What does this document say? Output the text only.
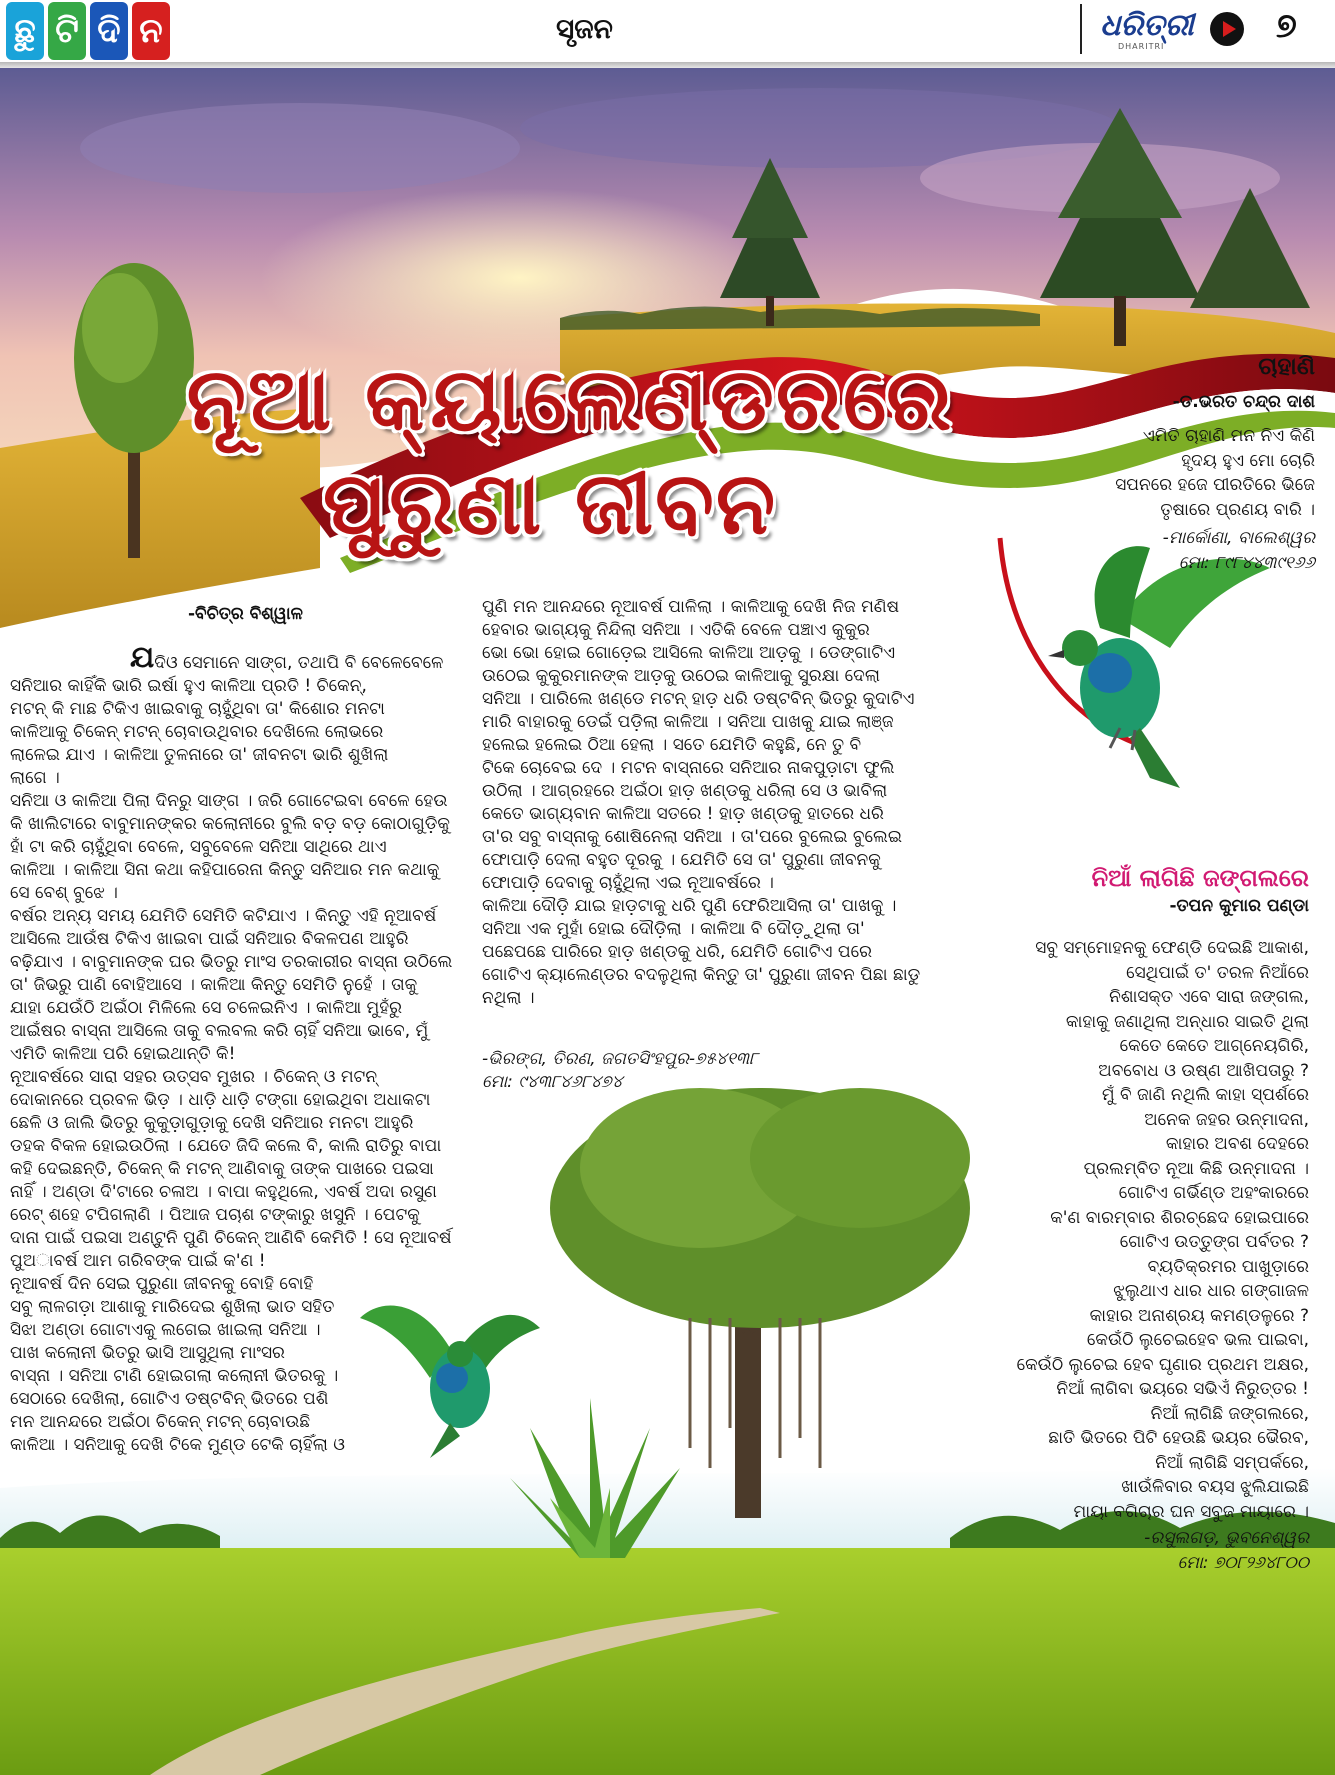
ଛୁ ଟି ଦି ନ	ସୃଜନ	ଧରିତ୍ରୀ
DHARITRI
୭
ନୂଆ କ୍ୟାଲେଣ୍ଡରରେ
ପୁରୁଣା ଜୀବନ
-ବିଚିତ୍ର ବିଶ୍ୱାଳ
ଯ ଦିଓ ସେମାନେ ସାଙ୍ଗ, ତଥାପି ବି ବେଳେବେଳେ
ସନିଆର କାହିଁକି ଭାରି ଇର୍ଷା ହୁଏ କାଳିଆ ପ୍ରତି ! ଚିକେନ୍,
ମଟନ୍ କି ମାଛ ଟିକିଏ ଖାଇବାକୁ ଚାହୁଁଥିବା ତା' କିଶୋର ମନଟା
କାଳିଆକୁ ଚିକେନ୍ ମଟନ୍ ଚୋବାଉଥିବାର ଦେଖିଲେ ଲୋଭରେ
ଲାଳେଇ ଯାଏ । କାଳିଆ ତୁଳନାରେ ତା' ଜୀବନଟା ଭାରି ଶୁଖିଲା
ଲାଗେ ।
ସନିଆ ଓ କାଳିଆ ପିଲା ଦିନରୁ ସାଙ୍ଗ । ଜରି ଗୋଟେଇବା ବେଳେ ହେଉ
କି ଖାଲିଟାରେ ବାବୁମାନଙ୍କର କଲୋନୀରେ ବୁଲି ବଡ଼ ବଡ଼ କୋଠାଗୁଡ଼ିକୁ
ହାଁ ଟା କରି ଚାହୁଁଥିବା ବେଳେ, ସବୁବେଳେ ସନିଆ ସାଥିରେ ଥାଏ
କାଳିଆ । କାଳିଆ ସିନା କଥା କହିପାରେନା କିନ୍ତୁ ସନିଆର ମନ କଥାକୁ
ସେ ବେଶ୍ ବୁଝେ ।
ବର୍ଷର ଅନ୍ୟ ସମୟ ଯେମିତି ସେମିତି କଟିଯାଏ । କିନ୍ତୁ ଏହି ନୂଆବର୍ଷ
ଆସିଲେ ଆଉଁଷ ଟିକିଏ ଖାଇବା ପାଇଁ ସନିଆର ବିକଳପଣ ଆହୁରି
ବଢ଼ିଯାଏ । ବାବୁମାନଙ୍କ ଘର ଭିତରୁ ମାଂସ ତରକାରୀର ବାସ୍ନା ଉଠିଲେ
ତା' ଜିଭରୁ ପାଣି ବୋହିଆସେ । କାଳିଆ କିନ୍ତୁ ସେମିତି ନୁହେଁ । ତାକୁ
ଯାହା ଯେଉଁଠି ଅଇଁଠା ମିଳିଲେ ସେ ଚଳେଇନିଏ । କାଳିଆ ମୁହଁରୁ
ଆଇଁଷର ବାସ୍ନା ଆସିଲେ ତାକୁ ବଲବଲ କରି ଚାହିଁ ସନିଆ ଭାବେ, ମୁଁ
ଏମିତି କାଳିଆ ପରି ହୋଇଥାନ୍ତି କି!
ନୂଆବର୍ଷରେ ସାରା ସହର ଉତ୍ସବ ମୁଖର । ଚିକେନ୍ ଓ ମଟନ୍
ଦୋକାନରେ ପ୍ରବଳ ଭିଡ଼ । ଧାଡ଼ି ଧାଡ଼ି ଟଙ୍ଗା ହୋଇଥିବା ଅଧାକଟା
ଛେଳି ଓ ଜାଲି ଭିତରୁ କୁକୁଡ଼ାଗୁଡ଼ାକୁ ଦେଖି ସନିଆର ମନଟା ଆହୁରି
ଡହକ ବିକଳ ହୋଇଉଠିଲା । ଯେତେ ଜିଦି କଲେ ବି, କାଲି ରାତିରୁ ବାପା
କହି ଦେଇଛନ୍ତି, ଚିକେନ୍ କି ମଟନ୍ ଆଣିବାକୁ ତାଙ୍କ ପାଖରେ ପଇସା
ନାହିଁ । ଅଣ୍ଡା ଦି'ଟାରେ ଚଳାଅ । ବାପା କହୁଥିଲେ, ଏବର୍ଷ ଅଦା ରସୁଣ
ରେଟ୍ ଶହେ ଟପିଗଲାଣି । ପିଆଜ ପଚାଶ ଟଙ୍କାରୁ ଖସୁନି । ପେଟକୁ
ଦାନା ପାଇଁ ପଇସା ଅଣ୍ଟୁନି ପୁଣି ଚିକେନ୍ ଆଣିବି କେମିତି ! ସେ ନୂଆବର୍ଷ
ପୁଅାବର୍ଷ ଆମ ଗରିବଙ୍କ ପାଇଁ କ'ଣ !
ନୂଆବର୍ଷ ଦିନ ସେଇ ପୁରୁଣା ଜୀବନକୁ ବୋହି ବୋହି
ସବୁ ଲାଳଗଡ଼ା ଆଶାକୁ ମାରିଦେଇ ଶୁଖିଲା ଭାତ ସହିତ
ସିଝା ଅଣ୍ଡା ଗୋଟାଏକୁ ଲଗେଇ ଖାଇଲା ସନିଆ ।
ପାଖ କଲୋନୀ ଭିତରୁ ଭାସି ଆସୁଥିଲା ମାଂସର
ବାସ୍ନା । ସନିଆ ଟାଣି ହୋଇଗଲା କଲୋନୀ ଭିତରକୁ ।
ସେଠାରେ ଦେଖିଲା, ଗୋଟିଏ ଡଷ୍ଟବିନ୍ ଭିତରେ ପଶି
ମନ ଆନନ୍ଦରେ ଅଇଁଠା ଚିକେନ୍ ମଟନ୍ ଚୋବାଉଛି
କାଳିଆ । ସନିଆକୁ ଦେଖି ଟିକେ ମୁଣ୍ଡ ଟେକି ଚାହିଁଲା ଓ
ପୁଣି ମନ ଆନନ୍ଦରେ ନୂଆବର୍ଷ ପାଳିଲା । କାଳିଆକୁ ଦେଖି ନିଜ ମଣିଷ
ହେବାର ଭାଗ୍ୟକୁ ନିନ୍ଦିଲା ସନିଆ । ଏତିକି ବେଳେ ପଞ୍ଚାଏ କୁକୁର
ଭୋ ଭୋ ହୋଇ ଗୋଡ଼େଇ ଆସିଲେ କାଳିଆ ଆଡ଼କୁ । ଡେଙ୍ଗାଟିଏ
ଉଠେଇ କୁକୁରମାନଙ୍କ ଆଡ଼କୁ ଉଠେଇ କାଳିଆକୁ ସୁରକ୍ଷା ଦେଲା
ସନିଆ । ପାରିଲେ ଖଣ୍ଡେ ମଟନ୍ ହାଡ଼ ଧରି ଡଷ୍ଟବିନ୍ ଭିତରୁ କୁଦାଟିଏ
ମାରି ବାହାରକୁ ଡେଇଁ ପଡ଼ିଲା କାଳିଆ । ସନିଆ ପାଖକୁ ଯାଇ ଲାଞ୍ଜ
ହଲେଇ ହଲେଇ ଠିଆ ହେଲା । ସତେ ଯେମିତି କହୁଛି, ନେ ତୁ ବି
ଟିକେ ଚୋବେଇ ଦେ । ମଟନ ବାସ୍ନାରେ ସନିଆର ନାକପୁଡ଼ାଟା ଫୁଲି
ଉଠିଲା । ଆଗ୍ରହରେ ଅଇଁଠା ହାଡ଼ ଖଣ୍ଡକୁ ଧରିଲା ସେ ଓ ଭାବିଲା
କେତେ ଭାଗ୍ୟବାନ କାଳିଆ ସତରେ ! ହାଡ଼ ଖଣ୍ଡକୁ ହାତରେ ଧରି
ତା'ର ସବୁ ବାସ୍ନାକୁ ଶୋଷିନେଲା ସନିଆ । ତା'ପରେ ବୁଲେଇ ବୁଲେଇ
ଫୋପାଡ଼ି ଦେଲା ବହୁତ ଦୂରକୁ । ଯେମିତି ସେ ତା' ପୁରୁଣା ଜୀବନକୁ
ଫୋପାଡ଼ି ଦେବାକୁ ଚାହୁଁଥିଲା ଏଇ ନୂଆବର୍ଷରେ ।
କାଳିଆ ଦୌଡ଼ି ଯାଇ ହାଡ଼ଟାକୁ ଧରି ପୁଣି ଫେରିଆସିଲା ତା' ପାଖକୁ ।
ସନିଆ ଏକ ମୁହାଁ ହୋଇ ଦୌଡ଼ିଲା । କାଳିଆ ବି ଦୌଡ଼ୁଥିଲା ତା'
ପଛେପଛେ ପାରିରେ ହାଡ଼ ଖଣ୍ଡକୁ ଧରି, ଯେମିତି ଗୋଟିଏ ପରେ
ଗୋଟିଏ କ୍ୟାଲେଣ୍ଡର ବଦଳୁଥିଲା କିନ୍ତୁ ତା' ପୁରୁଣା ଜୀବନ ପିଛା ଛାଡୁ
ନଥିଲା ।
-ଭିରଙ୍ଗ, ତିରଣ, ଜଗତସିଂହପୁର-୭୫୪୧୩୮
ମୋ: ୯୪୩୮୪୬୮୪୭୪
ଚାହାଣି
-ଡ.ଭରତ ଚନ୍ଦ୍ର ଦାଶ
ଏମିତି ଚାହାଣି ମନ ନିଏ କିଣି
ହୃଦୟ ହୁଏ ମୋ ଚୋରି
ସପନରେ ହଜେ ପୀରତିରେ ଭିଜେ
ତୃଷାରେ ପ୍ରଣୟ ବାରି ।
-ମାର୍କୋଣା, ବାଲେଶ୍ୱର
ମୋ: ୮୯୮୪୪୩୯୧୬୬
ନିଆଁ ଲାଗିଛି ଜଙ୍ଗଲରେ
-ତପନ କୁମାର ପଣ୍ଡା
ସବୁ ସମ୍ମୋହନକୁ ଫେଣ୍ଡି ଦେଇଛି ଆକାଶ,
ସେଥିପାଇଁ ତ' ତରଳ ନିଆଁରେ
ନିଶାସକ୍ତ ଏବେ ସାରା ଜଙ୍ଗଲ,
କାହାକୁ ଜଣାଥିଲା ଅନ୍ଧାର ସାଇତି ଥିଲା
କେତେ କେତେ ଆଗ୍ନେୟଗିରି,
ଅବବୋଧ ଓ ଉଷ୍ଣ ଆଖିପତାରୁ ?
ମୁଁ ବି ଜାଣି ନଥିଲି କାହା ସ୍ପର୍ଶରେ
ଅନେକ ଜହର ଉନ୍ମାଦନା,
କାହାର ଅବଶ ଦେହରେ
ପ୍ରଲମ୍ବିତ ନୂଆ କିଛି ଉନ୍ମାଦନା ।
ଗୋଟିଏ ଗର୍ଭିଣ୍ଡ ଅହଂକାରରେ
କ'ଣ ବାରମ୍ବାର ଶିରଚ୍ଛେଦ ହୋଇପାରେ
ଗୋଟିଏ ଉତ୍ତୁଙ୍ଗ ପର୍ବତର ?
ବ୍ୟତିକ୍ରମର ପାଖୁଡ଼ାରେ
ଝୁଲୁଥାଏ ଧାର ଧାର ଗଙ୍ଗାଜଳ
କାହାର ଅନାଶ୍ରୟ କମଣ୍ଡଳୁରେ ?
କେଉଁଠି ଲୁଚେଇହେବ ଭଲ ପାଇବା,
କେଉଁଠି ଲୁଚେଇ ହେବ ଘୃଣାର ପ୍ରଥମ ଅକ୍ଷର,
ନିଆଁ ଲାଗିବା ଭୟରେ ସଭିଏଁ ନିରୁତ୍ତର !
ନିଆଁ ଲାଗିଛି ଜଙ୍ଗଲରେ,
ଛାତି ଭିତରେ ପିଟି ହେଉଛି ଭୟର ଭୈରବ,
ନିଆଁ ଲାଗିଛି ସମ୍ପର୍କରେ,
ଖାଉଁଳିବାର ବୟସ ଝୁଲିଯାଇଛି
ମାୟା ବଗିଚାର ଘନ ସବୁଜ ମାୟାରେ ।
-ରସୁଲଗଡ଼, ଭୁବନେଶ୍ୱର
ମୋ: ୭୦୮୨୬୪୮୦୦
